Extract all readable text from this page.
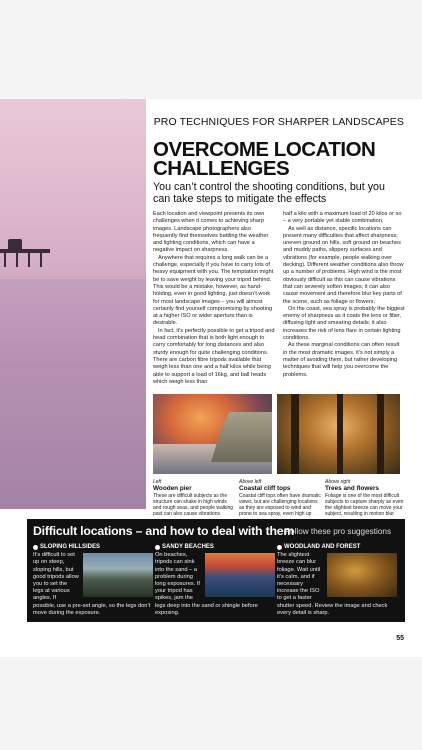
PRO TECHNIQUES FOR SHARPER LANDSCAPES
OVERCOME LOCATION CHALLENGES
You can’t control the shooting conditions, but you can take steps to mitigate the effects

Each location and viewpoint presents its own challenges when it comes to achieving sharp images. Landscape photographers also frequently find themselves battling the weather and lighting conditions, which can have a negative impact on sharpness.

Anywhere that requires a long walk can be a challenge, especially if you have to carry lots of heavy equipment with you. The temptation might be to save weight by leaving your tripod behind. This would be a mistake, however, as hand-holding, even in good lighting, just doesn’t work for most landscape images – you will almost certainly find yourself compromising by shooting at a higher ISO or wider aperture than is desirable.

In fact, it’s perfectly possible to get a tripod and head combination that is both light enough to carry comfortably for long distances and also sturdy enough for quite challenging conditions. There are carbon fibre tripods available that weigh less than one and a half kilos while being able to support a load of 16kg, and ball heads which weigh less than

half a kilo with a maximum load of 20 kilos or so – a very portable yet stable combination.

As well as distance, specific locations can present many difficulties that affect sharpness; uneven ground on hills, soft ground on beaches and muddy paths, slippery surfaces and vibrations (for example, people walking over decking). Different weather conditions also throw up a number of problems. High wind is the most obviously difficult as this can cause vibrations that can severely soften images; it can also cause movement and therefore blur key parts of the scene, such as foliage or flowers.

On the coast, sea spray is probably the biggest enemy of sharpness as it coats the lens or filter, diffusing light and smearing details; it also increases the risk of lens flare in certain lighting conditions.

As these marginal conditions can often result in the most dramatic images, it’s not simply a matter of avoiding them, but rather developing techniques that will help you overcome the problems.

Left
Wooden pier
These are difficult subjects as the structure can shake in high winds and rough seas, and people walking past can also cause vibrations
Above left
Coastal cliff tops
Coastal cliff tops often have dramatic views, but are challenging locations as they are exposed to wind and prone to sea spray, even high up
Above right
Trees and flowers
Foliage is one of the most difficult subjects to capture sharply as even the slightest breeze can move your subject, resulting in motion blur
Difficult locations – and how to deal with them
Follow these pro suggestions
SLOPING HILLSIDES
It’s difficult to set up on steep, sloping hills, but good tripods allow you to set the legs at various angles. If possible, use a pre-set angle, so the legs don’t move during the exposure.
SANDY BEACHES
On beaches, tripods can sink into the sand – a problem during long exposures. If your tripod has spikes, jam the legs deep into the sand or shingle before exposing.
WOODLAND AND FOREST
The slightest breeze can blur foliage. Wait until it’s calm, and if necessary increase the ISO to get a faster shutter speed. Review the image and check every detail is sharp.
55
